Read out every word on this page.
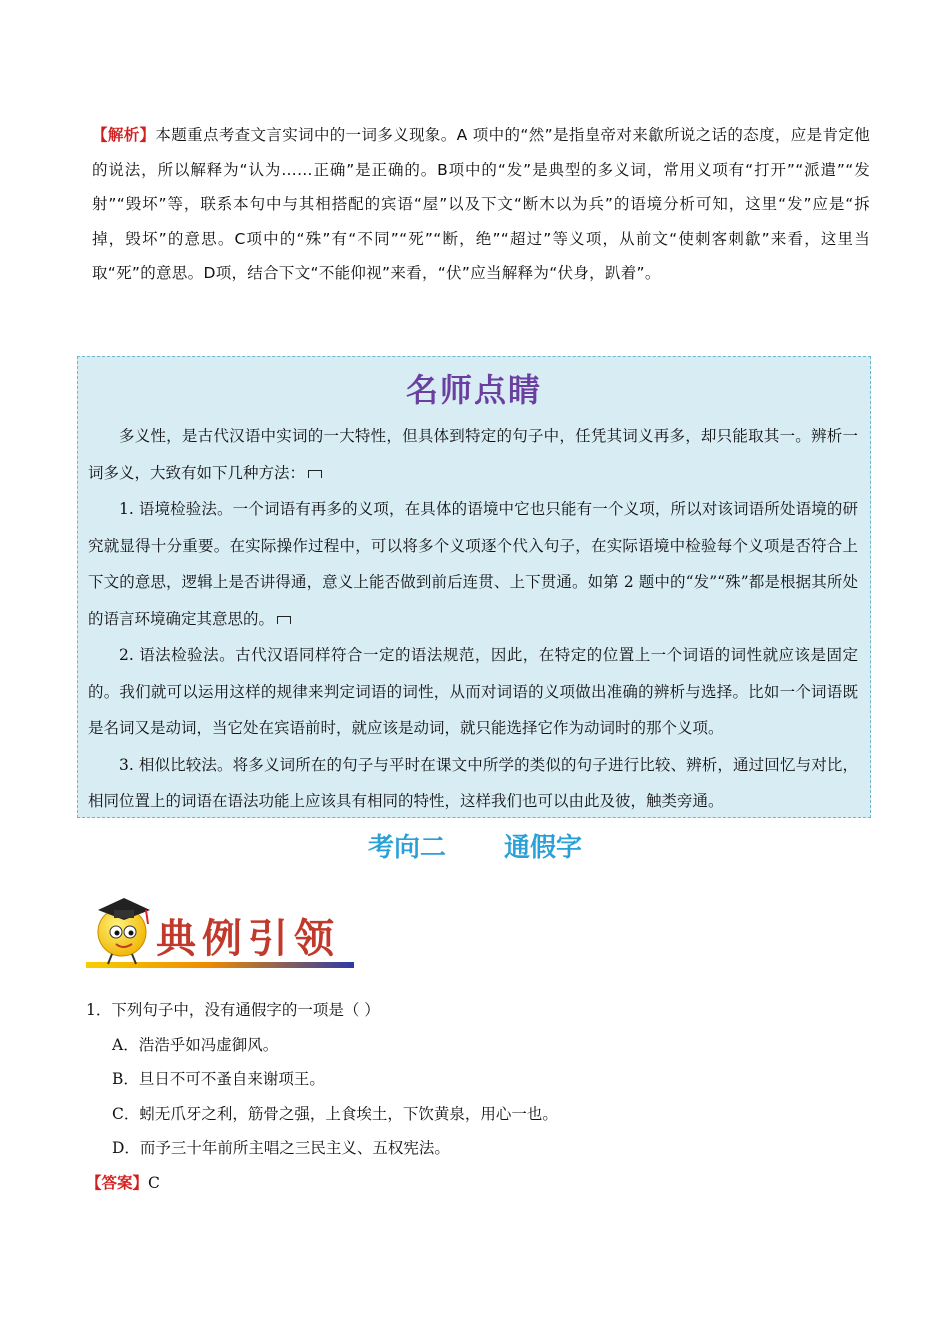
【解析】本题重点考查文言实词中的一词多义现象。A 项中的“然”是指皇帝对来歙所说之话的态度，应是肯定他的说法，所以解释为“认为……正确”是正确的。B项中的“发”是典型的多义词，常用义项有“打开”“派遣”“发射”“毁坏”等，联系本句中与其相搭配的宾语“屋”以及下文“断木以为兵”的语境分析可知，这里“发”应是“拆掉，毁坏”的意思。C项中的“殊”有“不同”“死”“断，绝”“超过”等义项，从前文“使刺客刺歙”来看，这里当取“死”的意思。D项，结合下文“不能仰视”来看，“伏”应当解释为“伏身，趴着”。
名师点睛

多义性，是古代汉语中实词的一大特性，但具体到特定的句子中，任凭其词义再多，却只能取其一。辨析一词多义，大致有如下几种方法：

1. 语境检验法。一个词语有再多的义项，在具体的语境中它也只能有一个义项，所以对该词语所处语境的研究就显得十分重要。在实际操作过程中，可以将多个义项逐个代入句子，在实际语境中检验每个义项是否符合上下文的意思，逻辑上是否讲得通，意义上能否做到前后连贯、上下贯通。如第 2 题中的“发”“殊”都是根据其所处的语言环境确定其意思的。

2. 语法检验法。古代汉语同样符合一定的语法规范，因此，在特定的位置上一个词语的词性就应该是固定的。我们就可以运用这样的规律来判定词语的词性，从而对词语的义项做出准确的辨析与选择。比如一个词语既是名词又是动词，当它处在宾语前时，就应该是动词，就只能选择它作为动词时的那个义项。

3. 相似比较法。将多义词所在的句子与平时在课文中所学的类似的句子进行比较、辨析，通过回忆与对比，相同位置上的词语在语法功能上应该具有相同的特性，这样我们也可以由此及彼，触类旁通。

考向二 通假字
典例引领
1．下列句子中，没有通假字的一项是（ ）
A．浩浩乎如冯虚御风。
B．旦日不可不蚤自来谢项王。
C．蚓无爪牙之利，筋骨之强，上食埃土，下饮黄泉，用心一也。
D．而予三十年前所主唱之三民主义、五权宪法。
【答案】C
